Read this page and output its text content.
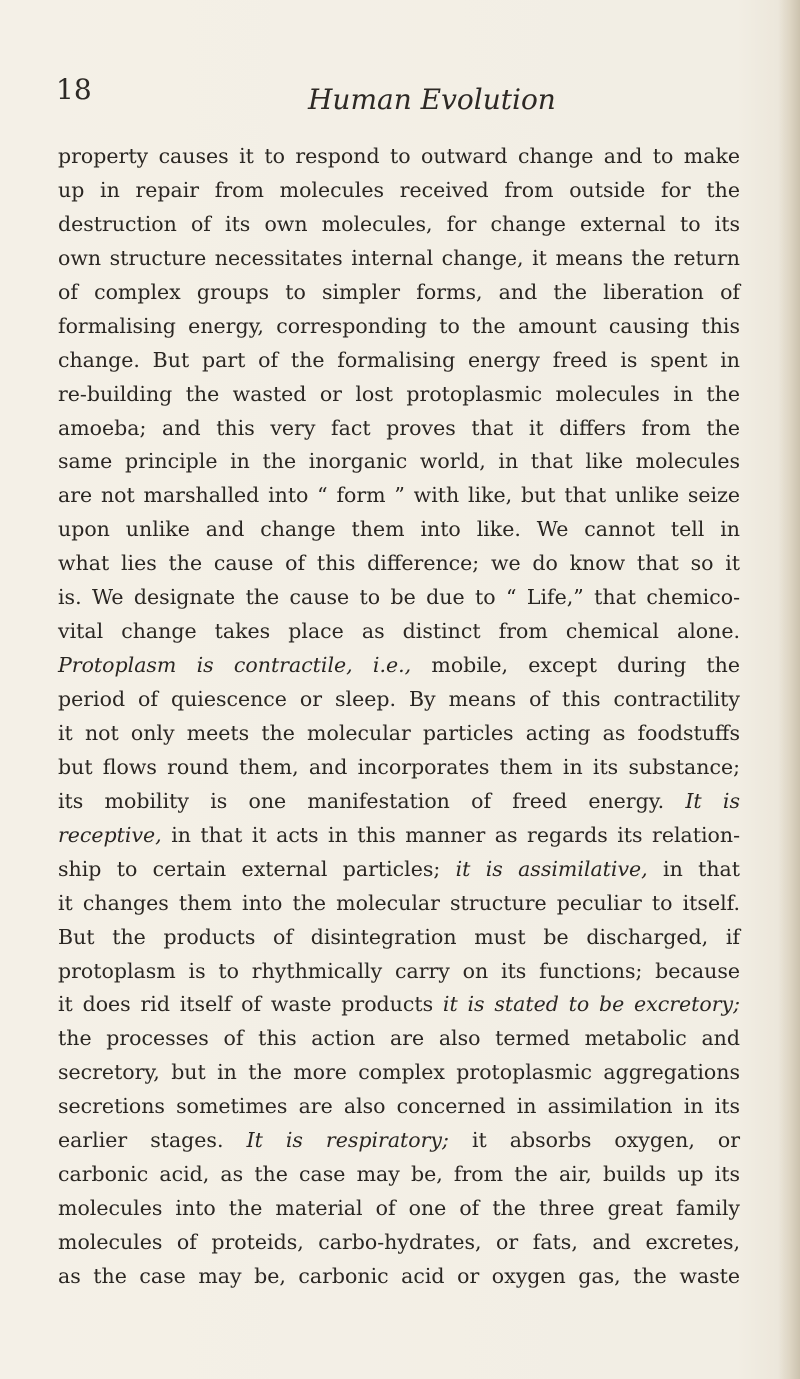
18	Human Evolution
property causes it to respond to outward change and to make
up in repair from molecules received from outside for the
destruction of its own molecules, for change external to its
own structure necessitates internal change, it means the return
of complex groups to simpler forms, and the liberation of
formalising energy, corresponding to the amount causing this
change. But part of the formalising energy freed is spent in
re-building the wasted or lost protoplasmic molecules in the
amoeba; and this very fact proves that it differs from the
same principle in the inorganic world, in that like molecules
are not marshalled into “ form ” with like, but that unlike seize
upon unlike and change them into like. We cannot tell in
what lies the cause of this difference; we do know that so it
is. We designate the cause to be due to “ Life,” that chemico-
vital change takes place as distinct from chemical alone.
Protoplasm is contractile, i.e., mobile, except during the
period of quiescence or sleep. By means of this contractility
it not only meets the molecular particles acting as foodstuffs
but flows round them, and incorporates them in its substance;
its mobility is one manifestation of freed energy. It is
receptive, in that it acts in this manner as regards its relation-
ship to certain external particles; it is assimilative, in that
it changes them into the molecular structure peculiar to itself.
But the products of disintegration must be discharged, if
protoplasm is to rhythmically carry on its functions; because
it does rid itself of waste products it is stated to be excretory;
the processes of this action are also termed metabolic and
secretory, but in the more complex protoplasmic aggregations
secretions sometimes are also concerned in assimilation in its
earlier stages. It is respiratory; it absorbs oxygen, or
carbonic acid, as the case may be, from the air, builds up its
molecules into the material of one of the three great family
molecules of proteids, carbo-hydrates, or fats, and excretes,
as the case may be, carbonic acid or oxygen gas, the waste
